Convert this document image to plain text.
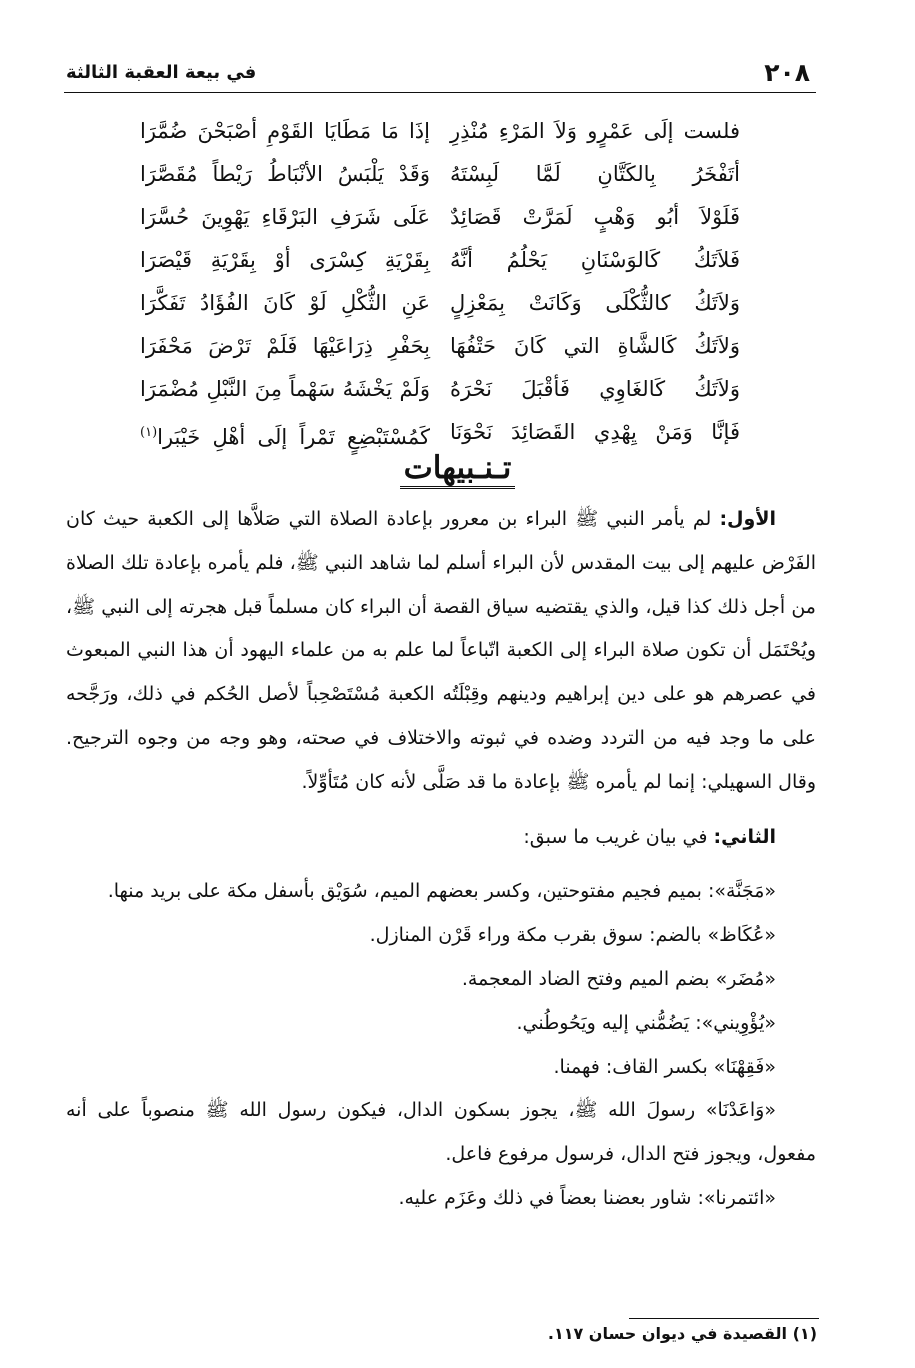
٢٠٨
في بيعة العقبة الثالثة
فلست إلَى عَمْرٍو وَلاَ المَرْءِ مُنْذِرِ
إذَا مَا مَطَايَا القَوْمِ أصْبَحْنَ ضُمَّرَا
أتَفْخَرُ بِالكَتَّانِ لَمَّا لَبِسْتَهُ
وَقَدْ يَلْبَسُ الأنْبَاطُ رَيْطاً مُقَصَّرَا
فَلَوْلاَ أبُو وَهْبٍ لَمَرَّتْ قَصَائِدٌ
عَلَى شَرَفِ البَرْقَاءِ يَهْوِينَ حُسَّرَا
فَلاَتَكُ كَالوَسْنَانِ يَحْلُمُ أنَّهُ
بِقَرْيَةِ كِسْرَى أوْ بِقَرْيَةِ قَيْصَرَا
وَلاَتَكُ كالثُّكْلَى وَكَانَتْ بِمَعْزِلٍ
عَنِ الثُّكْلِ لَوْ كَانَ الفُؤَادُ تَفَكَّرَا
وَلاَتَكُ كَالشَّاةِ التي كَانَ حَتْفُهَا
بِحَفْرِ ذِرَاعَيْهَا فَلَمْ تَرْضَ مَحْفَرَا
وَلاَتَكُ كَالغَاوِي فَأقْبَلَ نَحْرَهُ
وَلَمْ يَخْشَهُ سَهْماً مِنَ النَّبْلِ مُضْمَرَا
فَإنَّا وَمَنْ يِهْدِي القَصَائِدَ نَحْوَنَا
كَمُسْتَبْضِعٍ تَمْراً إلَى أهْلِ خَيْبَرا$^{(١)}$
تـنـبيهات

الأول: لم يأمر النبي ﷺ البراء بن معرور بإعادة الصلاة التي صَلاَّها إلى الكعبة حيث كان الفَرْض عليهم إلى بيت المقدس لأن البراء أسلم لما شاهد النبي ﷺ، فلم يأمره بإعادة تلك الصلاة من أجل ذلك كذا قيل، والذي يقتضيه سياق القصة أن البراء كان مسلماً قبل هجرته إلى النبي ﷺ، ويُحْتَمَل أن تكون صلاة البراء إلى الكعبة اتّباعاً لما علم به من علماء اليهود أن هذا النبي المبعوث في عصرهم هو على دين إبراهيم ودينهم وقِبْلَتُه الكعبة مُسْتَصْحِباً لأصل الحُكم في ذلك، ورَجَّحه على ما وجد فيه من التردد وضده في ثبوته والاختلاف في صحته، وهو وجه من وجوه الترجيح. وقال السهيلي: إنما لم يأمره ﷺ بإعادة ما قد صَلَّى لأنه كان مُتَأوِّلاً.

الثاني: في بيان غريب ما سبق:

«مَجَنَّة»: بميم فجيم مفتوحتين، وكسر بعضهم الميم، سُوَيْق بأسفل مكة على بريد منها.

«عُكَاظ» بالضم: سوق بقرب مكة وراء قَرْن المنازل.

«مُضَر» بضم الميم وفتح الضاد المعجمة.

«يُؤْوِيني»: يَضُمُّني إليه ويَحُوطُني.

«فَقِهْنَا» بكسر القاف: فهمنا.

«وَاعَدْنَا» رسولَ الله ﷺ، يجوز بسكون الدال، فيكون رسول الله ﷺ منصوباً على أنه مفعول، ويجوز فتح الدال، فرسول مرفوع فاعل.

«ائتمرنا»: شاور بعضنا بعضاً في ذلك وعَزَم عليه.

(١) القصيدة في ديوان حسان ١١٧.
